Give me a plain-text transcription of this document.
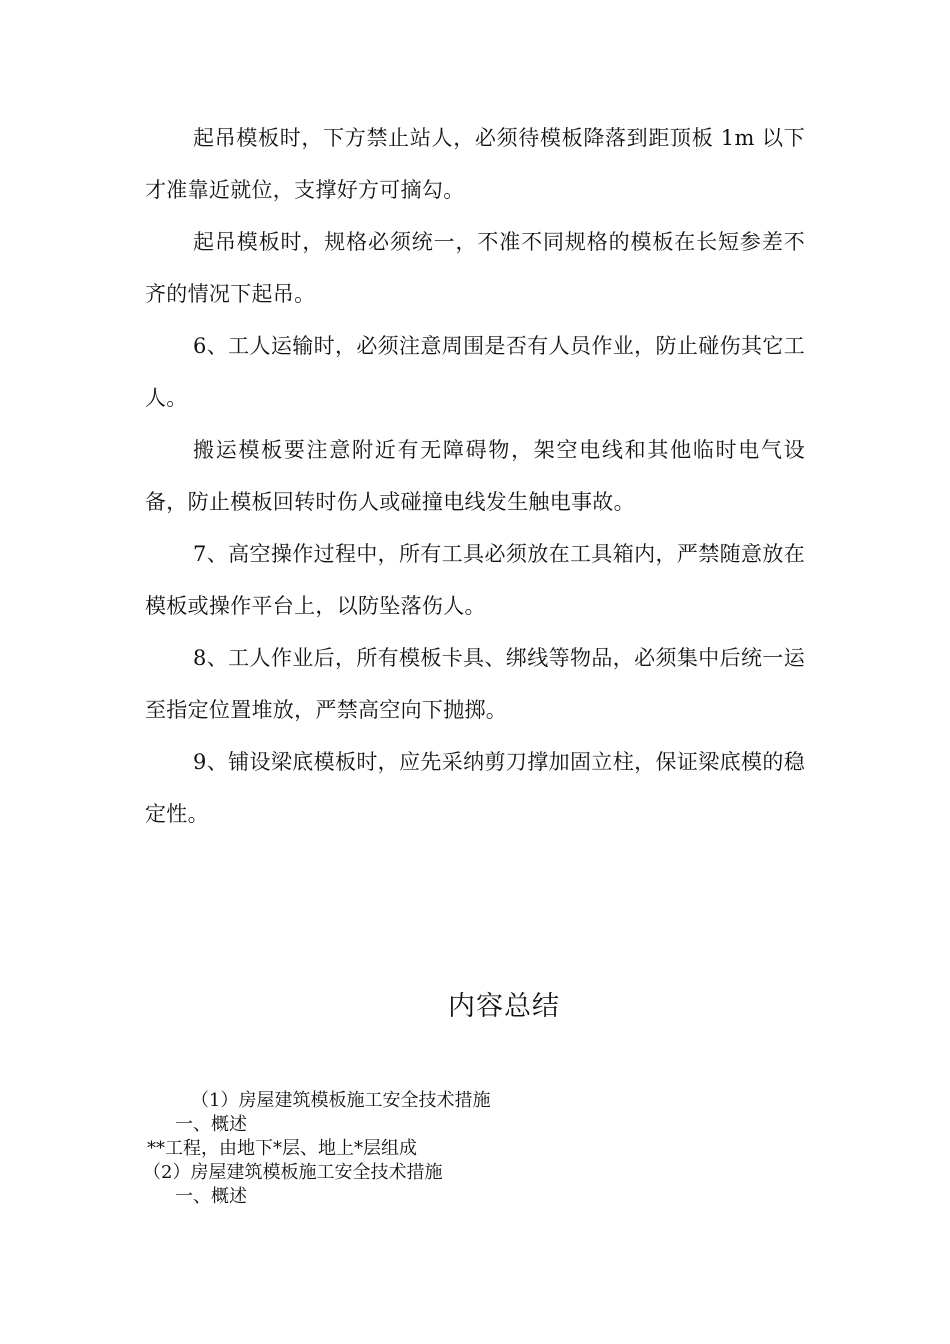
起吊模板时，下方禁止站人，必须待模板降落到距顶板 1m 以下才准靠近就位，支撑好方可摘勾。

起吊模板时，规格必须统一，不准不同规格的模板在长短参差不齐的情况下起吊。

6、工人运输时，必须注意周围是否有人员作业，防止碰伤其它工人。

搬运模板要注意附近有无障碍物，架空电线和其他临时电气设备，防止模板回转时伤人或碰撞电线发生触电事故。

7、高空操作过程中，所有工具必须放在工具箱内，严禁随意放在模板或操作平台上，以防坠落伤人。

8、工人作业后，所有模板卡具、绑线等物品，必须集中后统一运至指定位置堆放，严禁高空向下抛掷。

9、铺设梁底模板时，应先采纳剪刀撑加固立柱，保证梁底模的稳定性。

内容总结

（1）房屋建筑模板施工安全技术措施

一、概述

**工程，由地下*层、地上*层组成

（2）房屋建筑模板施工安全技术措施

一、概述
